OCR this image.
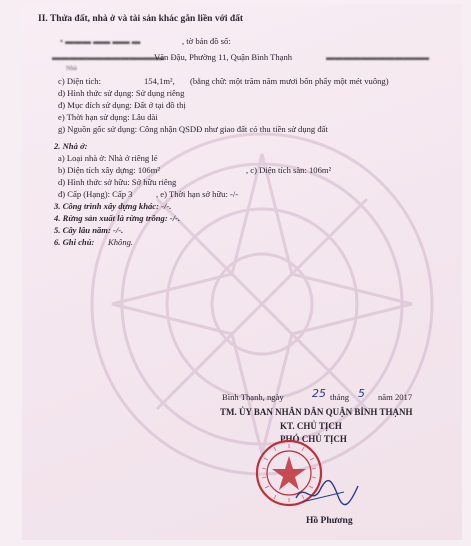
II. Thửa đất, nhà ở và tài sản khác gắn liền với đất
• ▬▬▬ ▬▬ ▬▬ ▬	, tờ bản đồ số:
▬▬▬▬▬▬▬▬▬▬▬▬▬
Văn Đậu, Phường 11, Quận Bình Thạnh	▬▬▬▬▬▬▬▬▬▬▬▬
Nhà
c) Diện tích:	154,1m², (bằng chữ: một trăm năm mươi bốn phẩy một mét vuông)
d) Hình thức sử dụng: Sử dụng riêng
đ) Mục đích sử dụng: Đất ở tại đô thị
e) Thời hạn sử dụng: Lâu dài
g) Nguồn gốc sử dụng: Công nhận QSDĐ như giao đất có thu tiền sử dụng đất
2. Nhà ở:
a) Loại nhà ở: Nhà ở riêng lẻ
b) Diện tích xây dựng: 106m²	, c) Diện tích sàn: 106m²
d) Hình thức sở hữu: Sở hữu riêng
đ) Cấp (Hạng): Cấp 3	, e) Thời hạn sở hữu: -/-
3. Công trình xây dựng khác: -/-.
4. Rừng sản xuất là rừng trồng: -/-.
5. Cây lâu năm: -/-.
6. Ghi chú: Không.
Bình Thạnh, ngày	25 tháng 5 năm 2017
TM. ỦY BAN NHÂN DÂN QUẬN BÌNH THẠNH
KT. CHỦ TỊCH
PHÓ CHỦ TỊCH
Hồ Phương
